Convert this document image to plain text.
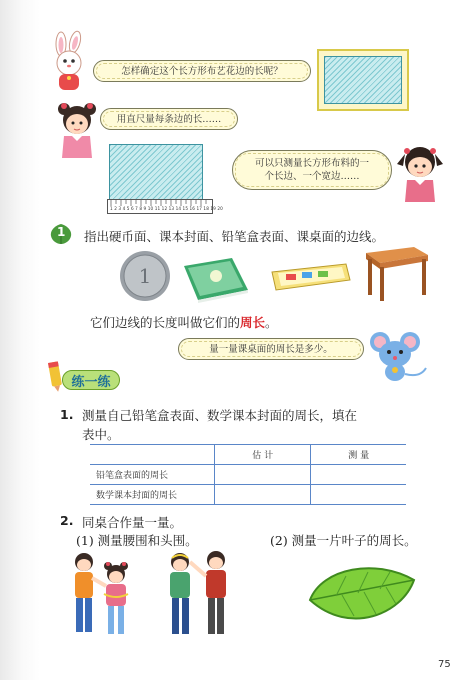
怎样确定这个长方形布艺花边的长呢？
用直尺量每条边的长……
1 2 3 4 5 6 7 8 9 10 11 12 13 14 15 16 17 18 19 20
可以只测量长方形布料的一个长边、一个宽边……
1 指出硬币面、课本封面、铅笔盒表面、课桌面的边线。
1
它们边线的长度叫做它们的周长。
量一量课桌面的周长是多少。
练一练
1. 测量自己铅笔盒表面、数学课本封面的周长，填在
表中。
	估 计	测 量
铅笔盒表面的周长		
数学课本封面的周长		
2. 同桌合作量一量。
(1) 测量腰围和头围。	(2) 测量一片叶子的周长。
75
